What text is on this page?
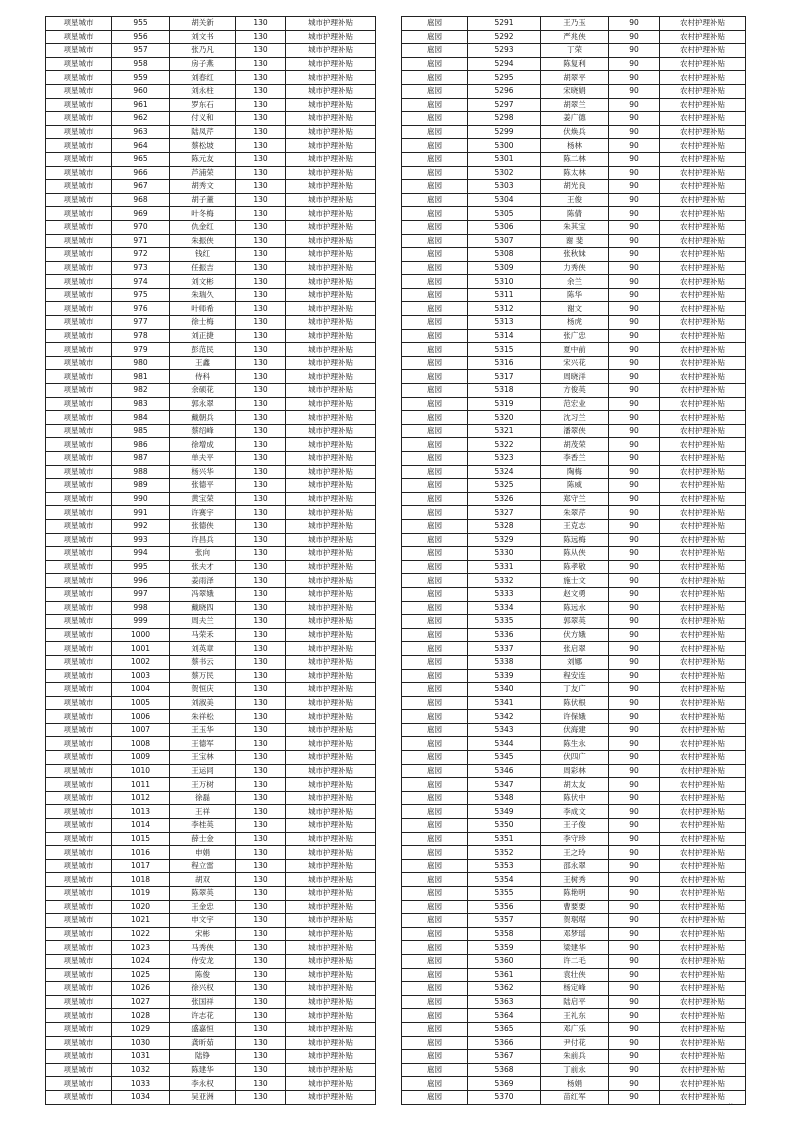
项星城市	955	胡关新	130	城市护理补贴
项星城市	956	刘文书	130	城市护理补贴
项星城市	957	张乃凡	130	城市护理补贴
项星城市	958	房子燕	130	城市护理补贴
项星城市	959	刘春红	130	城市护理补贴
项星城市	960	刘永柱	130	城市护理补贴
项星城市	961	罗东石	130	城市护理补贴
项星城市	962	付义和	130	城市护理补贴
项星城市	963	陆凤芹	130	城市护理补贴
项星城市	964	蔡松坡	130	城市护理补贴
项星城市	965	陈元友	130	城市护理补贴
项星城市	966	芦浦荣	130	城市护理补贴
项星城市	967	胡秀文	130	城市护理补贴
项星城市	968	胡子董	130	城市护理补贴
项星城市	969	叶冬梅	130	城市护理补贴
项星城市	970	仇金红	130	城市护理补贴
项星城市	971	朱振侠	130	城市护理补贴
项星城市	972	钱红	130	城市护理补贴
项星城市	973	任振吉	130	城市护理补贴
项星城市	974	刘文彬	130	城市护理补贴
项星城市	975	朱瑞久	130	城市护理补贴
项星城市	976	叶师希	130	城市护理补贴
项星城市	977	徐士梅	130	城市护理补贴
项星城市	978	刘正捷	130	城市护理补贴
项星城市	979	彭范民	130	城市护理补贴
项星城市	980	王鑫	130	城市护理补贴
项星城市	981	侍科	130	城市护理补贴
项星城市	982	余硕花	130	城市护理补贴
项星城市	983	郭永翠	130	城市护理补贴
项星城市	984	戴朝兵	130	城市护理补贴
项星城市	985	蔡绍峰	130	城市护理补贴
项星城市	986	徐增成	130	城市护理补贴
项星城市	987	单夫平	130	城市护理补贴
项星城市	988	杨兴华	130	城市护理补贴
项星城市	989	张德平	130	城市护理补贴
项星城市	990	黄宝荣	130	城市护理补贴
项星城市	991	许赛宇	130	城市护理补贴
项星城市	992	张德侠	130	城市护理补贴
项星城市	993	许昌兵	130	城市护理补贴
项星城市	994	张向	130	城市护理补贴
项星城市	995	张夫才	130	城市护理补贴
项星城市	996	姜雨泽	130	城市护理补贴
项星城市	997	冯翠娥	130	城市护理补贴
项星城市	998	戴晓四	130	城市护理补贴
项星城市	999	周夫兰	130	城市护理补贴
项星城市	1000	马荣禾	130	城市护理补贴
项星城市	1001	刘英章	130	城市护理补贴
项星城市	1002	蔡书云	130	城市护理补贴
项星城市	1003	蔡万民	130	城市护理补贴
项星城市	1004	贺恒庆	130	城市护理补贴
项星城市	1005	刘淑美	130	城市护理补贴
项星城市	1006	朱祥松	130	城市护理补贴
项星城市	1007	王玉华	130	城市护理补贴
项星城市	1008	王德军	130	城市护理补贴
项星城市	1009	王宝林	130	城市护理补贴
项星城市	1010	王运同	130	城市护理补贴
项星城市	1011	王万树	130	城市护理补贴
项星城市	1012	徐磊	130	城市护理补贴
项星城市	1013	王祥	130	城市护理补贴
项星城市	1014	李桂英	130	城市护理补贴
项星城市	1015	薛士金	130	城市护理补贴
项星城市	1016	申娟	130	城市护理补贴
项星城市	1017	程立雷	130	城市护理补贴
项星城市	1018	胡双	130	城市护理补贴
项星城市	1019	陈翠英	130	城市护理补贴
项星城市	1020	王金忠	130	城市护理补贴
项星城市	1021	申文宇	130	城市护理补贴
项星城市	1022	宋彬	130	城市护理补贴
项星城市	1023	马秀侠	130	城市护理补贴
项星城市	1024	侍安龙	130	城市护理补贴
项星城市	1025	陈俊	130	城市护理补贴
项星城市	1026	徐兴权	130	城市护理补贴
项星城市	1027	张国祥	130	城市护理补贴
项星城市	1028	许志花	130	城市护理补贴
项星城市	1029	盛嘉恒	130	城市护理补贴
项星城市	1030	龚昕茹	130	城市护理补贴
项星城市	1031	陆铮	130	城市护理补贴
项星城市	1032	陈建华	130	城市护理补贴
项星城市	1033	李永权	130	城市护理补贴
项星城市	1034	吴亚洲	130	城市护理补贴
扈园	5291	王乃玉	90	农村护理补贴
扈园	5292	严兆侠	90	农村护理补贴
扈园	5293	丁荣	90	农村护理补贴
扈园	5294	陈复利	90	农村护理补贴
扈园	5295	胡翠平	90	农村护理补贴
扈园	5296	宋晓娟	90	农村护理补贴
扈园	5297	胡翠兰	90	农村护理补贴
扈园	5298	姜广德	90	农村护理补贴
扈园	5299	伏焕兵	90	农村护理补贴
扈园	5300	杨林	90	农村护理补贴
扈园	5301	陈二林	90	农村护理补贴
扈园	5302	陈太林	90	农村护理补贴
扈园	5303	胡光良	90	农村护理补贴
扈园	5304	王俊	90	农村护理补贴
扈园	5305	陈倩	90	农村护理补贴
扈园	5306	朱其宝	90	农村护理补贴
扈园	5307	谢 斐	90	农村护理补贴
扈园	5308	张秋妹	90	农村护理补贴
扈园	5309	力秀侠	90	农村护理补贴
扈园	5310	余兰	90	农村护理补贴
扈园	5311	陈华	90	农村护理补贴
扈园	5312	谢文	90	农村护理补贴
扈园	5313	杨虎	90	农村护理补贴
扈园	5314	张广忠	90	农村护理补贴
扈园	5315	夏中前	90	农村护理补贴
扈园	5316	宋兴花	90	农村护理补贴
扈园	5317	周晓洋	90	农村护理补贴
扈园	5318	方俊英	90	农村护理补贴
扈园	5319	范宏业	90	农村护理补贴
扈园	5320	沈习兰	90	农村护理补贴
扈园	5321	潘翠侠	90	农村护理补贴
扈园	5322	胡茂荣	90	农村护理补贴
扈园	5323	李香兰	90	农村护理补贴
扈园	5324	陶梅	90	农村护理补贴
扈园	5325	陈威	90	农村护理补贴
扈园	5326	郑守兰	90	农村护理补贴
扈园	5327	朱翠芹	90	农村护理补贴
扈园	5328	王克志	90	农村护理补贴
扈园	5329	陈远梅	90	农村护理补贴
扈园	5330	陈从侠	90	农村护理补贴
扈园	5331	陈孝敬	90	农村护理补贴
扈园	5332	施士文	90	农村护理补贴
扈园	5333	赵文勇	90	农村护理补贴
扈园	5334	陈远水	90	农村护理补贴
扈园	5335	郭翠英	90	农村护理补贴
扈园	5336	伏方娥	90	农村护理补贴
扈园	5337	张启翠	90	农村护理补贴
扈园	5338	刘娜	90	农村护理补贴
扈园	5339	程安连	90	农村护理补贴
扈园	5340	丁友广	90	农村护理补贴
扈园	5341	陈伏根	90	农村护理补贴
扈园	5342	许保娥	90	农村护理补贴
扈园	5343	伏海建	90	农村护理补贴
扈园	5344	陈生永	90	农村护理补贴
扈园	5345	伏四广	90	农村护理补贴
扈园	5346	周彩林	90	农村护理补贴
扈园	5347	胡太友	90	农村护理补贴
扈园	5348	陈伏中	90	农村护理补贴
扈园	5349	李成文	90	农村护理补贴
扈园	5350	王子俊	90	农村护理补贴
扈园	5351	李守珍	90	农村护理补贴
扈园	5352	王之玲	90	农村护理补贴
扈园	5353	邵永翠	90	农村护理补贴
扈园	5354	王树秀	90	农村护理补贴
扈园	5355	陈艳明	90	农村护理补贴
扈园	5356	曹要要	90	农村护理补贴
扈园	5357	贺琚琚	90	农村护理补贴
扈园	5358	邓梦瑶	90	农村护理补贴
扈园	5359	梁建华	90	农村护理补贴
扈园	5360	许二毛	90	农村护理补贴
扈园	5361	袁壮侠	90	农村护理补贴
扈园	5362	杨定峰	90	农村护理补贴
扈园	5363	陆启平	90	农村护理补贴
扈园	5364	王礼东	90	农村护理补贴
扈园	5365	邓广乐	90	农村护理补贴
扈园	5366	尹付花	90	农村护理补贴
扈园	5367	朱前兵	90	农村护理补贴
扈园	5368	丁前永	90	农村护理补贴
扈园	5369	杨娟	90	农村护理补贴
扈园	5370	苗红军	90	农村护理补贴
··
